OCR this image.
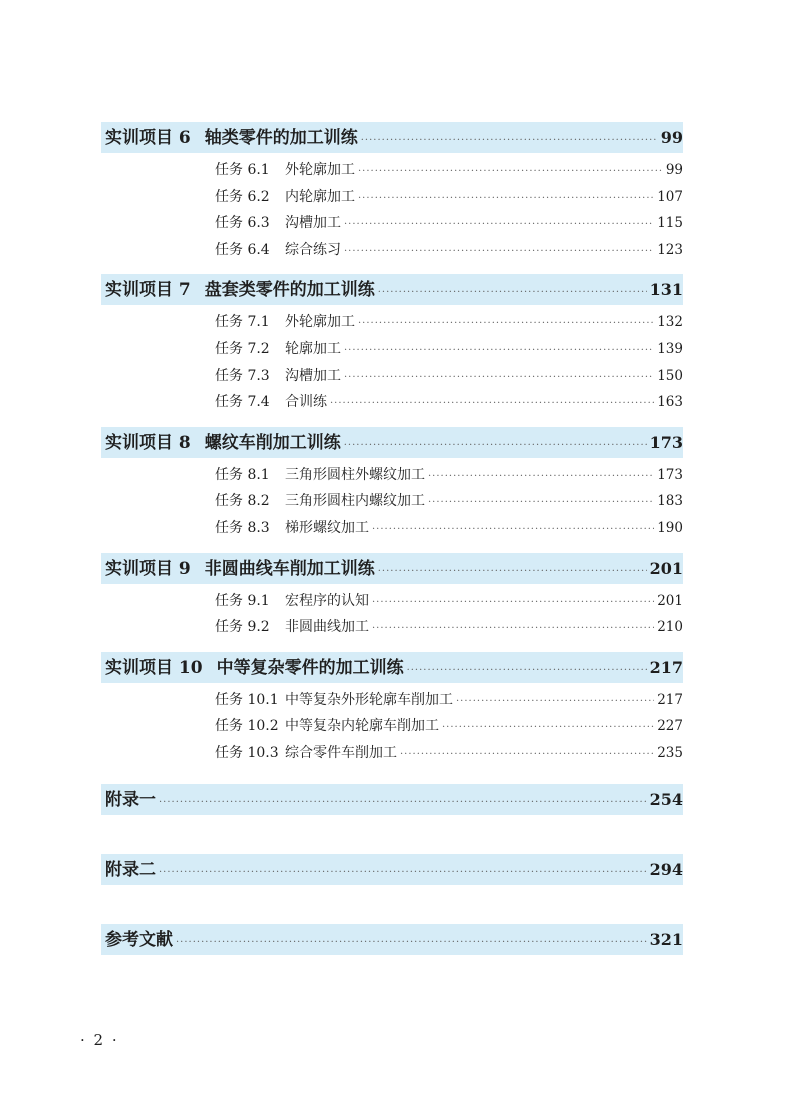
实训项目 6 轴类零件的加工训练 ·····	99
任务 6.1	外轮廓加工 ·····	99
任务 6.2	内轮廓加工 ·····	107
任务 6.3	沟槽加工 ·····	115
任务 6.4	综合练习 ·····	123
实训项目 7 盘套类零件的加工训练 ·····	131
任务 7.1	外轮廓加工 ·····	132
任务 7.2	轮廓加工 ·····	139
任务 7.3	沟槽加工 ·····	150
任务 7.4	合训练 ·····	163
实训项目 8 螺纹车削加工训练 ·····	173
任务 8.1	三角形圆柱外螺纹加工 ·····	173
任务 8.2	三角形圆柱内螺纹加工 ·····	183
任务 8.3	梯形螺纹加工 ·····	190
实训项目 9 非圆曲线车削加工训练 ·····	201
任务 9.1	宏程序的认知 ·····	201
任务 9.2	非圆曲线加工 ·····	210
实训项目 10 中等复杂零件的加工训练 ·····	217
任务 10.1 中等复杂外形轮廓车削加工 ·····	217
任务 10.2 中等复杂内轮廓车削加工 ·····	227
任务 10.3 综合零件车削加工 ·····	235
附录一 ·····	254
附录二 ·····	294
参考文献 ·····	321
· 2 ·
